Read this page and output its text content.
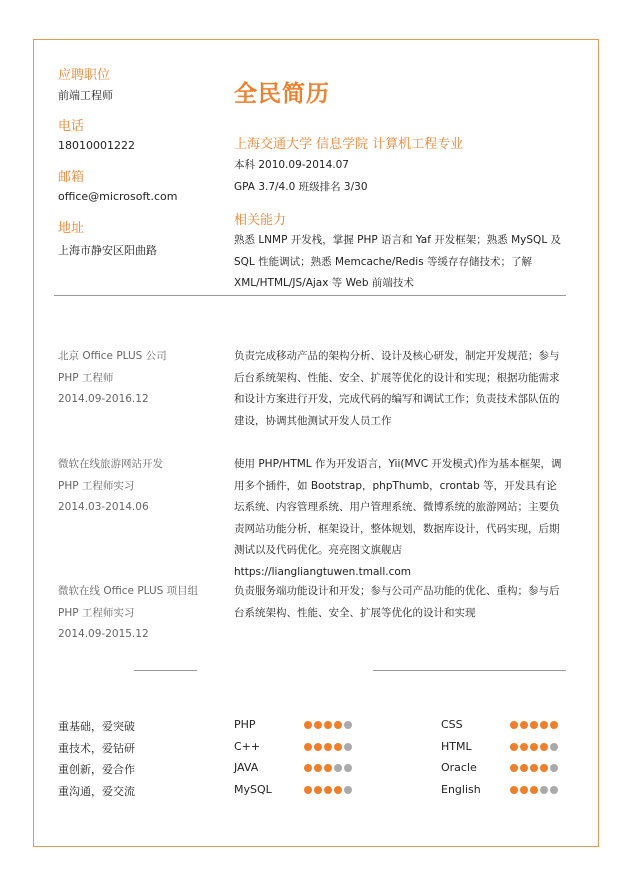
应聘职位
前端工程师
电话
18010001222
邮箱
office@microsoft.com
地址
上海市静安区阳曲路
全民简历
上海交通大学 信息学院 计算机工程专业
本科 2010.09-2014.07
GPA 3.7/4.0 班级排名 3/30
相关能力
熟悉 LNMP 开发栈，掌握 PHP 语言和 Yaf 开发框架；熟悉 MySQL 及 SQL 性能调试；熟悉 Memcache/Redis 等缓存存储技术；了解 XML/HTML/JS/Ajax 等 Web 前端技术
北京 Office PLUS 公司
PHP 工程师
2014.09-2016.12
负责完成移动产品的架构分析、设计及核心研发，制定开发规范；参与后台系统架构、性能、安全、扩展等优化的设计和实现；根据功能需求和设计方案进行开发，完成代码的编写和调试工作；负责技术部队伍的建设，协调其他测试开发人员工作
微软在线旅游网站开发
PHP 工程师实习
2014.03-2014.06
使用 PHP/HTML 作为开发语言，Yii(MVC 开发模式)作为基本框架，调用多个插件，如 Bootstrap，phpThumb，crontab 等，开发具有论坛系统、内容管理系统、用户管理系统、微博系统的旅游网站；主要负责网站功能分析，框架设计，整体规划，数据库设计，代码实现，后期测试以及代码优化。亮亮图文旗舰店 https://liangliangtuwen.tmall.com
微软在线 Office PLUS 项目组
PHP 工程师实习
2014.09-2015.12
负责服务端功能设计和开发；参与公司产品功能的优化、重构；参与后台系统架构、性能、安全、扩展等优化的设计和实现
重基础，爱突破
重技术，爱钻研
重创新，爱合作
重沟通，爱交流
PHP
C++
JAVA
MySQL
CSS
HTML
Oracle
English
